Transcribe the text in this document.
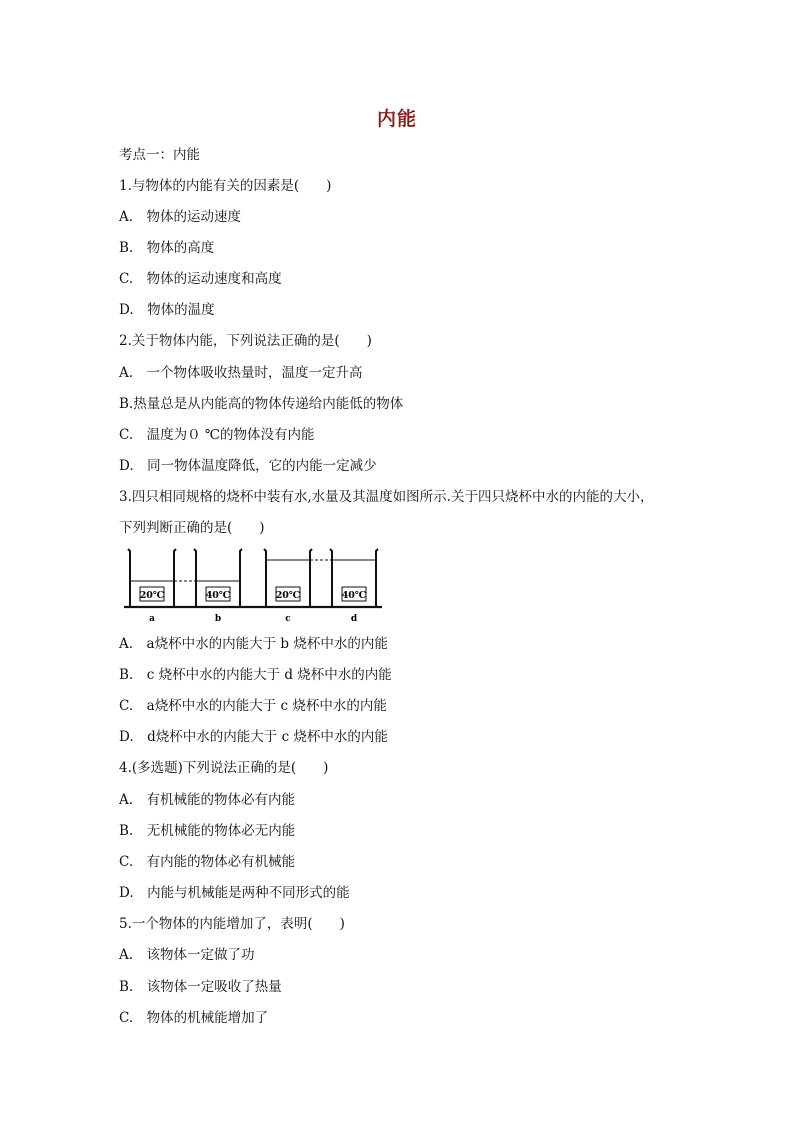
内能
考点一：内能
1.与物体的内能有关的因素是(　　)
A.　物体的运动速度
B.　物体的高度
C.　物体的运动速度和高度
D.　物体的温度
2.关于物体内能，下列说法正确的是(　　)
A.　一个物体吸收热量时，温度一定升高
B.热量总是从内能高的物体传递给内能低的物体
C.　温度为０ ℃的物体没有内能
D.　同一物体温度降低，它的内能一定减少
3.四只相同规格的烧杯中装有水,水量及其温度如图所示.关于四只烧杯中水的内能的大小，
下列判断正确的是(　　)
20℃
a
40℃
b
20℃
c
40℃
d
A.　a烧杯中水的内能大于 b 烧杯中水的内能
B.　c 烧杯中水的内能大于 d 烧杯中水的内能
C.　a烧杯中水的内能大于 c 烧杯中水的内能
D.　d烧杯中水的内能大于 c 烧杯中水的内能
4.(多选题)下列说法正确的是(　　)
A.　有机械能的物体必有内能
B.　无机械能的物体必无内能
C.　有内能的物体必有机械能
D.　内能与机械能是两种不同形式的能
5.一个物体的内能增加了，表明(　　)
A.　该物体一定做了功
B.　该物体一定吸收了热量
C.　物体的机械能增加了
